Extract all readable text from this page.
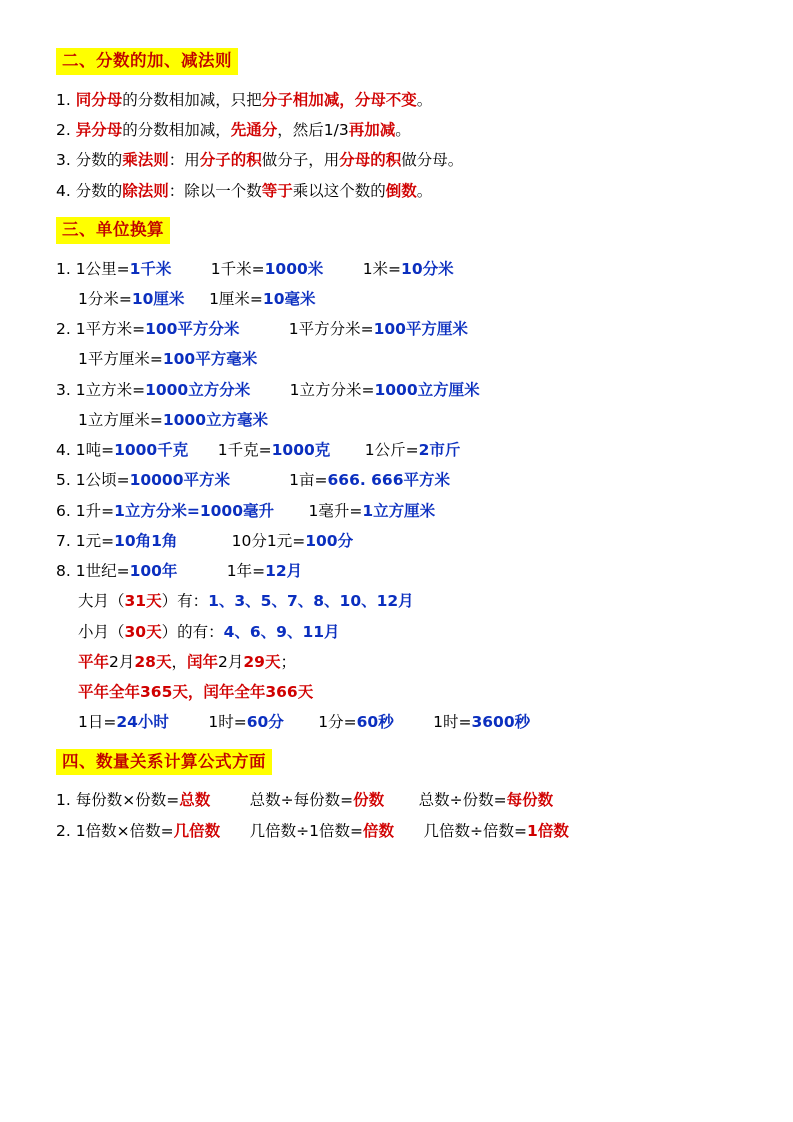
二、分数的加、减法则
1. 同分母的分数相加减，只把分子相加减，分母不变。
2. 异分母的分数相加减，先通分，然后1/3再加减。
3. 分数的乘法则：用分子的积做分子，用分母的积做分母。
4. 分数的除法则：除以一个数等于乘以这个数的倒数。
三、单位换算
1. 1公里=1千米        1千米=1000米        1米=10分米
1分米=10厘米     1厘米=10毫米
2. 1平方米=100平方分米          1平方分米=100平方厘米
1平方厘米=100平方毫米
3. 1立方米=1000立方分米        1立方分米=1000立方厘米
1立方厘米=1000立方毫米
4. 1吨=1000千克      1千克=1000克       1公斤=2市斤
5. 1公顷=10000平方米            1亩=666. 666平方米
6. 1升=1立方分米=1000毫升       1毫升=1立方厘米
7. 1元=10角1角           10分1元=100分
8. 1世纪=100年          1年=12月
大月（31天）有：1、3、5、7、8、10、12月
小月（30天）的有：4、6、9、11月
平年2月28天，闰年2月29天；
平年全年365天，闰年全年366天
1日=24小时        1时=60分       1分=60秒        1时=3600秒
四、数量关系计算公式方面
1. 每份数×份数=总数        总数÷每份数=份数       总数÷份数=每份数
2. 1倍数×倍数=几倍数      几倍数÷1倍数=倍数      几倍数÷倍数=1倍数
